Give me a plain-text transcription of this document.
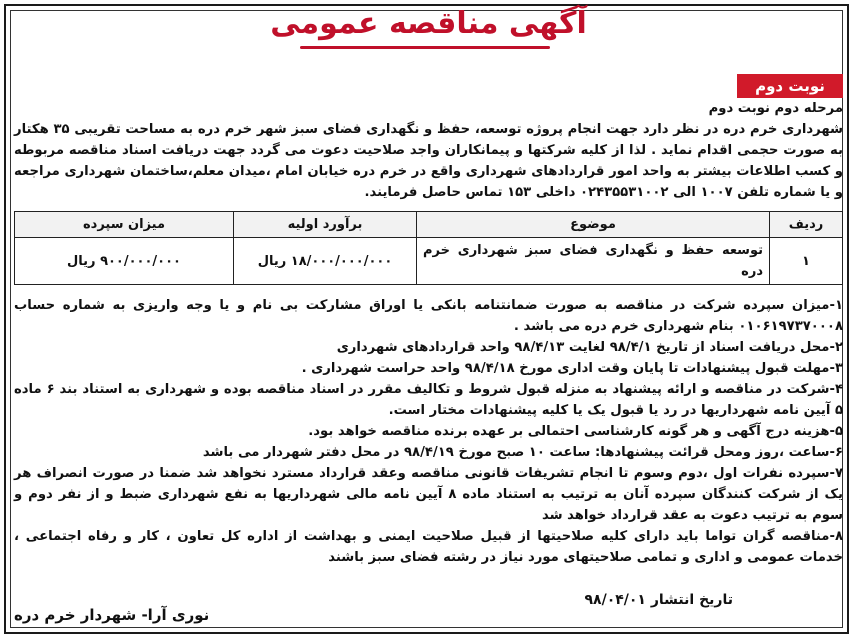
آگهی مناقصه عمومی
نوبت دوم

مرحله دوم نوبت دوم

شهرداری خرم دره در نظر دارد جهت انجام پروژه توسعه، حفظ و نگهداری فضای سبز شهر خرم دره به مساحت تقریبی ۳۵ هکتار به صورت حجمی اقدام نماید . لذا از کلیه شرکتها و پیمانکاران واجد صلاحیت دعوت می گردد جهت دریافت اسناد مناقصه مربوطه و کسب اطلاعات بیشتر به واحد امور قراردادهای شهرداری واقع در خرم دره خیابان امام ،میدان معلم،ساختمان شهرداری مراجعه و یا شماره تلفن ۱۰۰۷ الی ۰۲۴۳۵۵۳۱۰۰۲ داخلی ۱۵۳ تماس حاصل فرمایند.

ردیف	موضوع	برآورد اولیه	میزان سپرده
۱	توسعه حفظ و نگهداری فضای سبز شهرداری خرم دره	۱۸/۰۰۰/۰۰۰/۰۰۰ ریال	۹۰۰/۰۰۰/۰۰۰ ریال

۱-میزان سپرده شرکت در مناقصه به صورت ضمانتنامه بانکی یا اوراق مشارکت بی نام و یا وجه واریزی به شماره حساب ۰۱۰۶۱۹۷۳۷۰۰۰۸ بنام شهرداری خرم دره می باشد .

۲-محل دریافت اسناد از تاریخ ۹۸/۴/۱ لغایت ۹۸/۴/۱۳ واحد قراردادهای شهرداری

۳-مهلت قبول پیشنهادات تا پایان وقت اداری مورخ ۹۸/۴/۱۸ واحد حراست شهرداری .

۴-شرکت در مناقصه و ارائه پیشنهاد به منزله قبول شروط و تکالیف مقرر در اسناد مناقصه بوده و شهرداری به استناد بند ۶ ماده ۵ آیین نامه شهرداریها در رد یا قبول یک یا کلیه پیشنهادات مختار است.

۵-هزینه درج آگهی و هر گونه کارشناسی احتمالی بر عهده برنده مناقصه خواهد بود.

۶-ساعت ،روز ومحل قرائت پیشنهادها: ساعت ۱۰ صبح مورخ ۹۸/۴/۱۹ در محل دفتر شهردار می باشد

۷-سپرده نفرات اول ،دوم وسوم تا انجام تشریفات قانونی مناقصه وعقد قرارداد مسترد نخواهد شد ضمنا در صورت انصراف هر یک از شرکت کنندگان سپرده آنان به ترتیب به استناد ماده ۸ آیین نامه مالی شهرداریها به نفع شهرداری ضبط و از نفر دوم و سوم به ترتیب دعوت به عقد قرارداد خواهد شد

۸-مناقصه گران تواما باید دارای کلیه صلاحیتها از قبیل صلاحیت ایمنی و بهداشت از اداره کل تعاون ، کار و رفاه اجتماعی ، خدمات عمومی و اداری و تمامی صلاحیتهای مورد نیاز در رشته فضای سبز باشند

تاریخ انتشار ۹۸/۰۴/۰۱
نوری آرا- شهردار خرم دره
